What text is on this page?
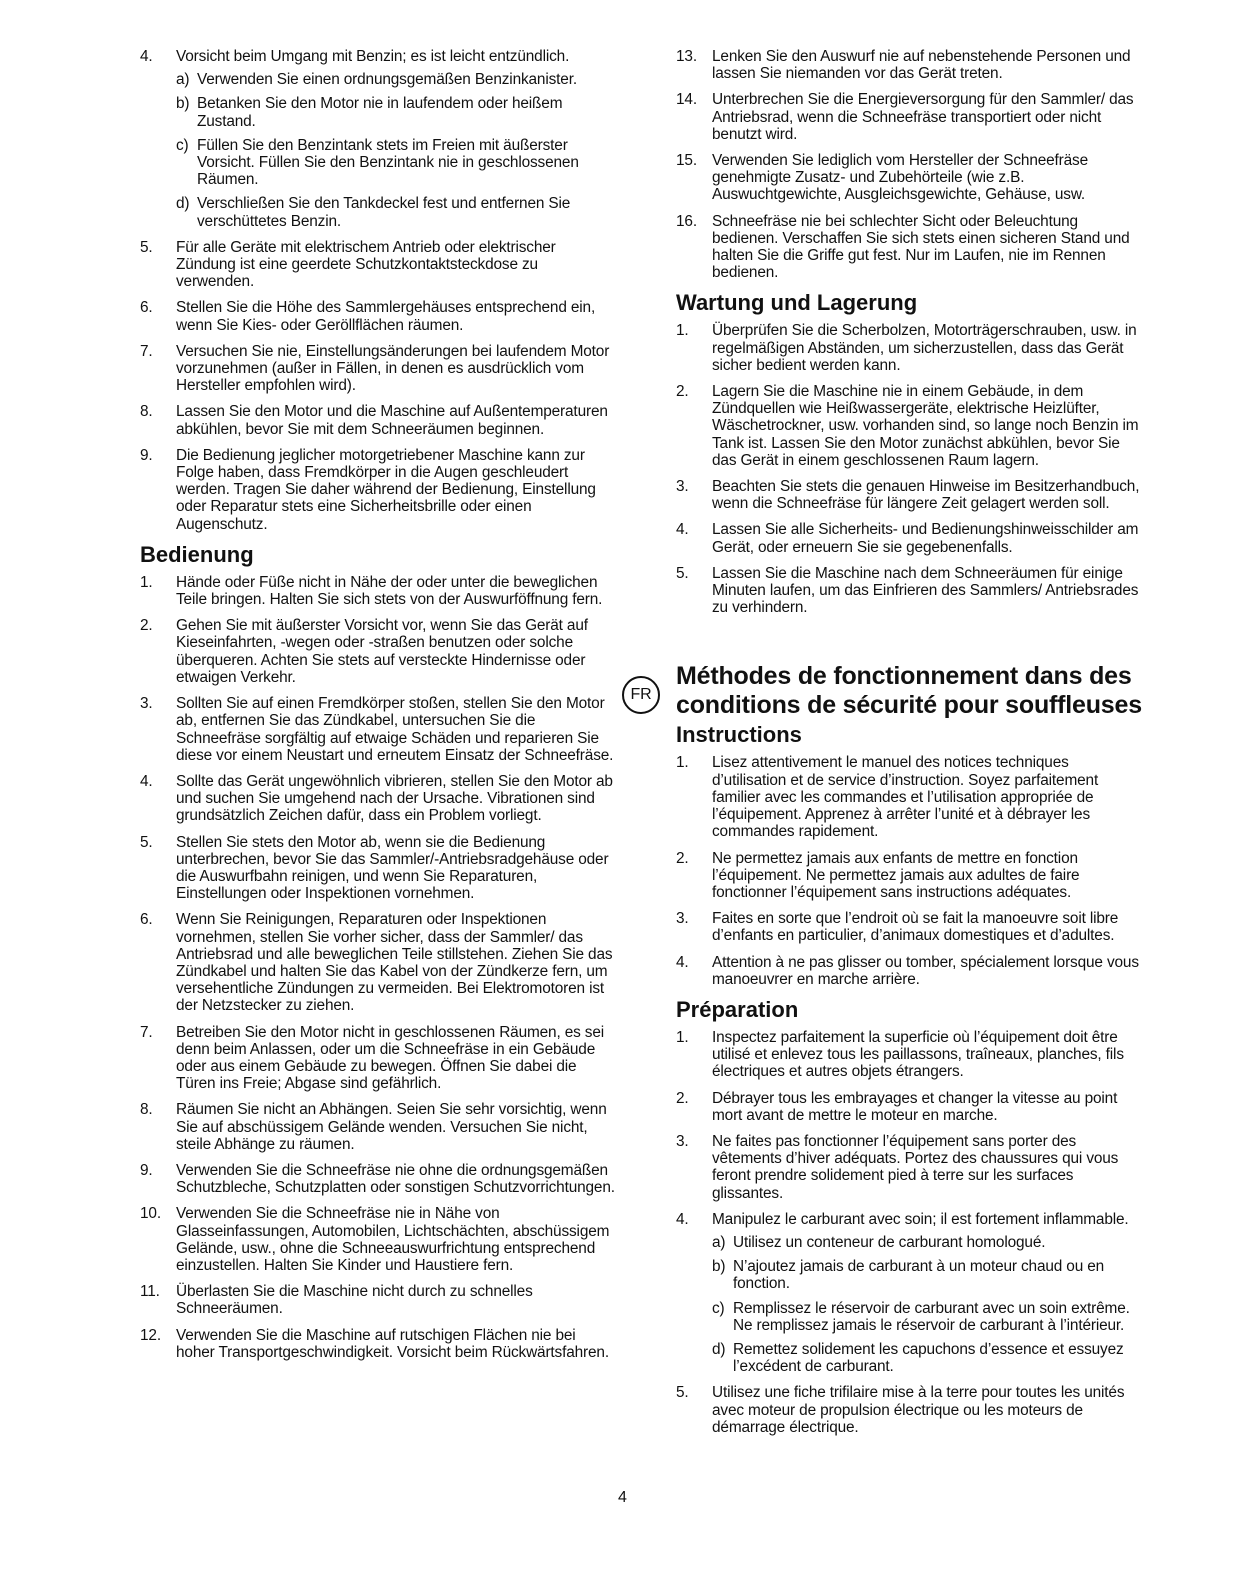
4.	Vorsicht beim Umgang mit Benzin; es ist leicht entzündlich.

a) Verwenden Sie einen ordnungsgemäßen Benzinkanister.

b) Betanken Sie den Motor nie in laufendem oder heißem Zustand.

c) Füllen Sie den Benzintank stets im Freien mit äußerster Vorsicht. Füllen Sie den Benzintank nie in geschlossenen Räumen.

d) Verschließen Sie den Tankdeckel fest und entfernen Sie verschüttetes Benzin.

5.	Für alle Geräte mit elektrischem Antrieb oder elektrischer Zündung ist eine geerdete Schutzkontaktsteckdose zu verwenden.

6.	Stellen Sie die Höhe des Sammlergehäuses entsprechend ein, wenn Sie Kies- oder Geröllflächen räumen.

7.	Versuchen Sie nie, Einstellungsänderungen bei laufendem Motor vorzunehmen (außer in Fällen, in denen es ausdrücklich vom Hersteller empfohlen wird).

8.	Lassen Sie den Motor und die Maschine auf Außentemperaturen abkühlen, bevor Sie mit dem Schneeräumen beginnen.

9.	Die Bedienung jeglicher motorgetriebener Maschine kann zur Folge haben, dass Fremdkörper in die Augen geschleudert werden. Tragen Sie daher während der Bedienung, Einstellung oder Reparatur stets eine Sicherheitsbrille oder einen Augenschutz.

Bedienung
1.	Hände oder Füße nicht in Nähe der oder unter die beweglichen Teile bringen. Halten Sie sich stets von der Auswurföffnung fern.

2.	Gehen Sie mit äußerster Vorsicht vor, wenn Sie das Gerät auf Kieseinfahrten, -wegen oder -straßen benutzen oder solche überqueren. Achten Sie stets auf versteckte Hindernisse oder etwaigen Verkehr.

3.	Sollten Sie auf einen Fremdkörper stoßen, stellen Sie den Motor ab, entfernen Sie das Zündkabel, untersuchen Sie die Schneefräse sorgfältig auf etwaige Schäden und reparieren Sie diese vor einem Neustart und erneutem Einsatz der Schneefräse.

4.	Sollte das Gerät ungewöhnlich vibrieren, stellen Sie den Motor ab und suchen Sie umgehend nach der Ursache. Vibrationen sind grundsätzlich Zeichen dafür, dass ein Problem vorliegt.

5.	Stellen Sie stets den Motor ab, wenn sie die Bedienung unterbrechen, bevor Sie das Sammler/-Antriebsradgehäuse oder die Auswurfbahn reinigen, und wenn Sie Reparaturen, Einstellungen oder Inspektionen vornehmen.

6.	Wenn Sie Reinigungen, Reparaturen oder Inspektionen vornehmen, stellen Sie vorher sicher, dass der Sammler/ das Antriebsrad und alle beweglichen Teile stillstehen. Ziehen Sie das Zündkabel und halten Sie das Kabel von der Zündkerze fern, um versehentliche Zündungen zu vermeiden. Bei Elektromotoren ist der Netzstecker zu ziehen.

7.	Betreiben Sie den Motor nicht in geschlossenen Räumen, es sei denn beim Anlassen, oder um die Schneefräse in ein Gebäude oder aus einem Gebäude zu bewegen. Öffnen Sie dabei die Türen ins Freie; Abgase sind gefährlich.

8.	Räumen Sie nicht an Abhängen. Seien Sie sehr vorsichtig, wenn Sie auf abschüssigem Gelände wenden. Versuchen Sie nicht, steile Abhänge zu räumen.

9.	Verwenden Sie die Schneefräse nie ohne die ordnungsgemäßen Schutzbleche, Schutzplatten oder sonstigen Schutzvorrichtungen.

10. Verwenden Sie die Schneefräse nie in Nähe von Glasseinfassungen, Automobilen, Lichtschächten, abschüssigem Gelände, usw., ohne die Schneeauswurfrichtung entsprechend einzustellen. Halten Sie Kinder und Haustiere fern.

11.	Überlasten Sie die Maschine nicht durch zu schnelles Schneeräumen.

12. Verwenden Sie die Maschine auf rutschigen Flächen nie bei hoher Transportgeschwindigkeit. Vorsicht beim Rückwärtsfahren.

13. Lenken Sie den Auswurf nie auf nebenstehende Personen und lassen Sie niemanden vor das Gerät treten.

14. Unterbrechen Sie die Energieversorgung für den Sammler/ das Antriebsrad, wenn die Schneefräse transportiert oder nicht benutzt wird.

15. Verwenden Sie lediglich vom Hersteller der Schneefräse genehmigte Zusatz- und Zubehörteile (wie z.B. Auswuchtgewichte, Ausgleichsgewichte, Gehäuse, usw.

16. Schneefräse nie bei schlechter Sicht oder Beleuchtung bedienen. Verschaffen Sie sich stets einen sicheren Stand und halten Sie die Griffe gut fest. Nur im Laufen, nie im Rennen bedienen.

Wartung und Lagerung
1.	Überprüfen Sie die Scherbolzen, Motorträgerschrauben, usw. in regelmäßigen Abständen, um sicherzustellen, dass das Gerät sicher bedient werden kann.

2.	Lagern Sie die Maschine nie in einem Gebäude, in dem Zündquellen wie Heißwassergeräte, elektrische Heizlüfter, Wäschetrockner, usw. vorhanden sind, so lange noch Benzin im Tank ist. Lassen Sie den Motor zunächst abkühlen, bevor Sie das Gerät in einem geschlossenen Raum lagern.

3.	Beachten Sie stets die genauen Hinweise im Besitzerhandbuch, wenn die Schneefräse für längere Zeit gelagert werden soll.

4.	Lassen Sie alle Sicherheits- und Bedienungshinweisschilder am Gerät, oder erneuern Sie sie gegebenenfalls.

5.	Lassen Sie die Maschine nach dem Schneeräumen für einige Minuten laufen, um das Einfrieren des Sammlers/ Antriebsrades zu verhindern.

FR
Méthodes de fonctionnement dans des
conditions de sécurité pour souffleuses
Instructions
1.	Lisez attentivement le manuel des notices techniques d’utilisation et de service d’instruction. Soyez parfaitement familier avec les commandes et l’utilisation appropriée de l’équipement. Apprenez à arrêter l’unité et à débrayer les commandes rapidement.

2.	Ne permettez jamais aux enfants de mettre en fonction l’équipement. Ne permettez jamais aux adultes de faire fonctionner l’équipement sans instructions adéquates.

3.	Faites en sorte que l’endroit où se fait la manoeuvre soit libre d’enfants en particulier, d’animaux domestiques et d’adultes.

4.	Attention à ne pas glisser ou tomber, spécialement lorsque vous manoeuvrer en marche arrière.

Préparation
1.	Inspectez parfaitement la superficie où l’équipement doit être utilisé et enlevez tous les paillassons, traîneaux, planches, fils électriques et autres objets étrangers.

2.	Débrayer tous les embrayages et changer la vitesse au point mort avant de mettre le moteur en marche.

3.	Ne faites pas fonctionner l’équipement sans porter des vêtements d’hiver adéquats. Portez des chaussures qui vous feront prendre solidement pied à terre sur les surfaces glissantes.

4.	Manipulez le carburant avec soin; il est fortement inflammable.

a) Utilisez un conteneur de carburant homologué.

b) N’ajoutez jamais de carburant à un moteur chaud ou en fonction.

c) Remplissez le réservoir de carburant avec un soin extrême. Ne remplissez jamais le réservoir de carburant à l’intérieur.

d) Remettez solidement les capuchons d’essence et essuyez l’excédent de carburant.

5.	Utilisez une fiche trifilaire mise à la terre pour toutes les unités avec moteur de propulsion électrique ou les moteurs de démarrage électrique.

4
